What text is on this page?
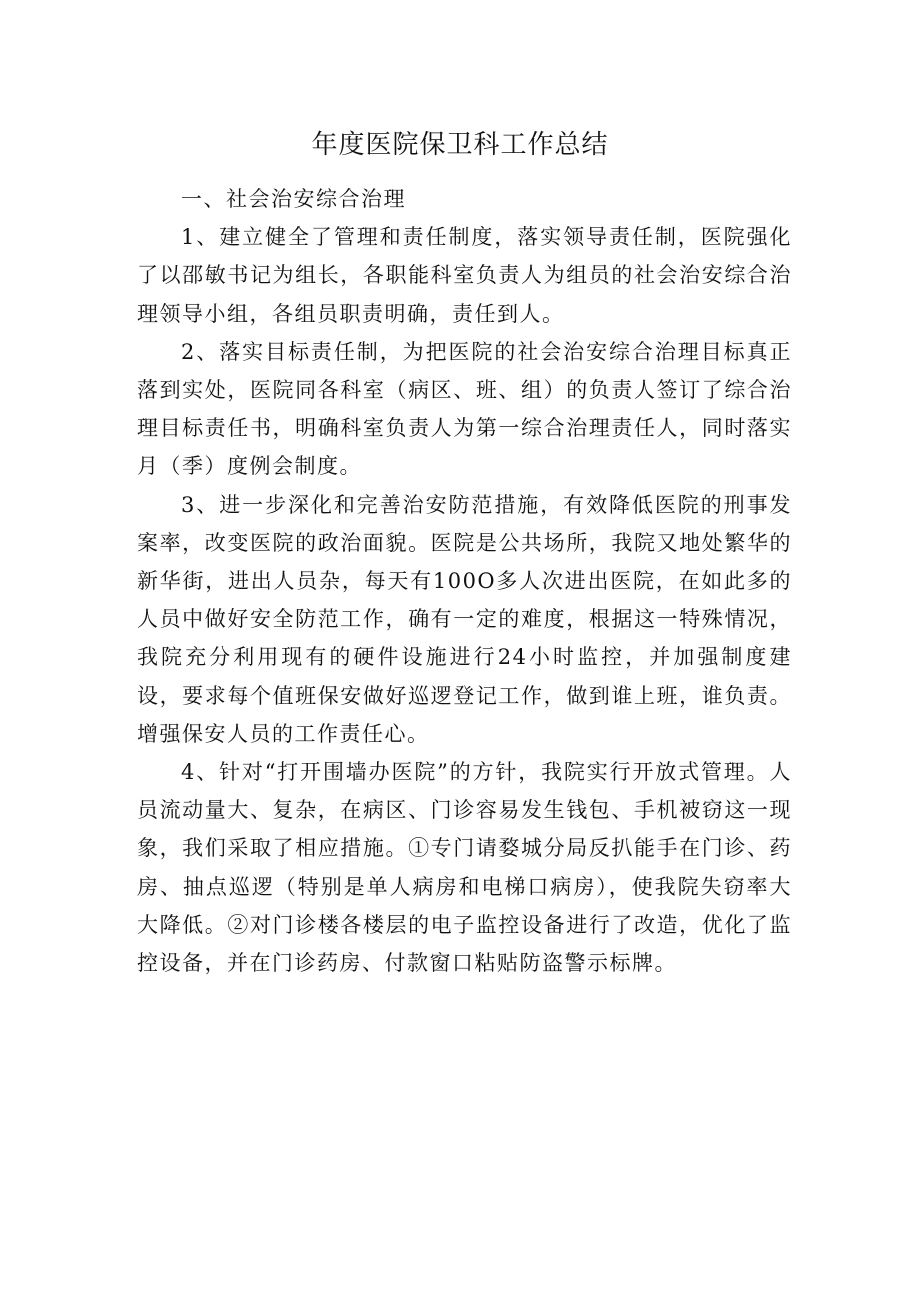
年度医院保卫科工作总结

一、社会治安综合治理

1、建立健全了管理和责任制度，落实领导责任制，医院强化了以邵敏书记为组长，各职能科室负责人为组员的社会治安综合治理领导小组，各组员职责明确，责任到人。

2、落实目标责任制，为把医院的社会治安综合治理目标真正落到实处，医院同各科室（病区、班、组）的负责人签订了综合治理目标责任书，明确科室负责人为第一综合治理责任人，同时落实月（季）度例会制度。

3、进一步深化和完善治安防范措施，有效降低医院的刑事发案率，改变医院的政治面貌。医院是公共场所，我院又地处繁华的新华街，进出人员杂，每天有100O多人次进出医院，在如此多的人员中做好安全防范工作，确有一定的难度，根据这一特殊情况，我院充分利用现有的硬件设施进行24小时监控，并加强制度建设，要求每个值班保安做好巡逻登记工作，做到谁上班，谁负责。增强保安人员的工作责任心。

4、针对“打开围墙办医院”的方针，我院实行开放式管理。人员流动量大、复杂，在病区、门诊容易发生钱包、手机被窃这一现象，我们采取了相应措施。①专门请婺城分局反扒能手在门诊、药房、抽点巡逻（特别是单人病房和电梯口病房），使我院失窃率大大降低。②对门诊楼各楼层的电子监控设备进行了改造，优化了监控设备，并在门诊药房、付款窗口粘贴防盗警示标牌。
